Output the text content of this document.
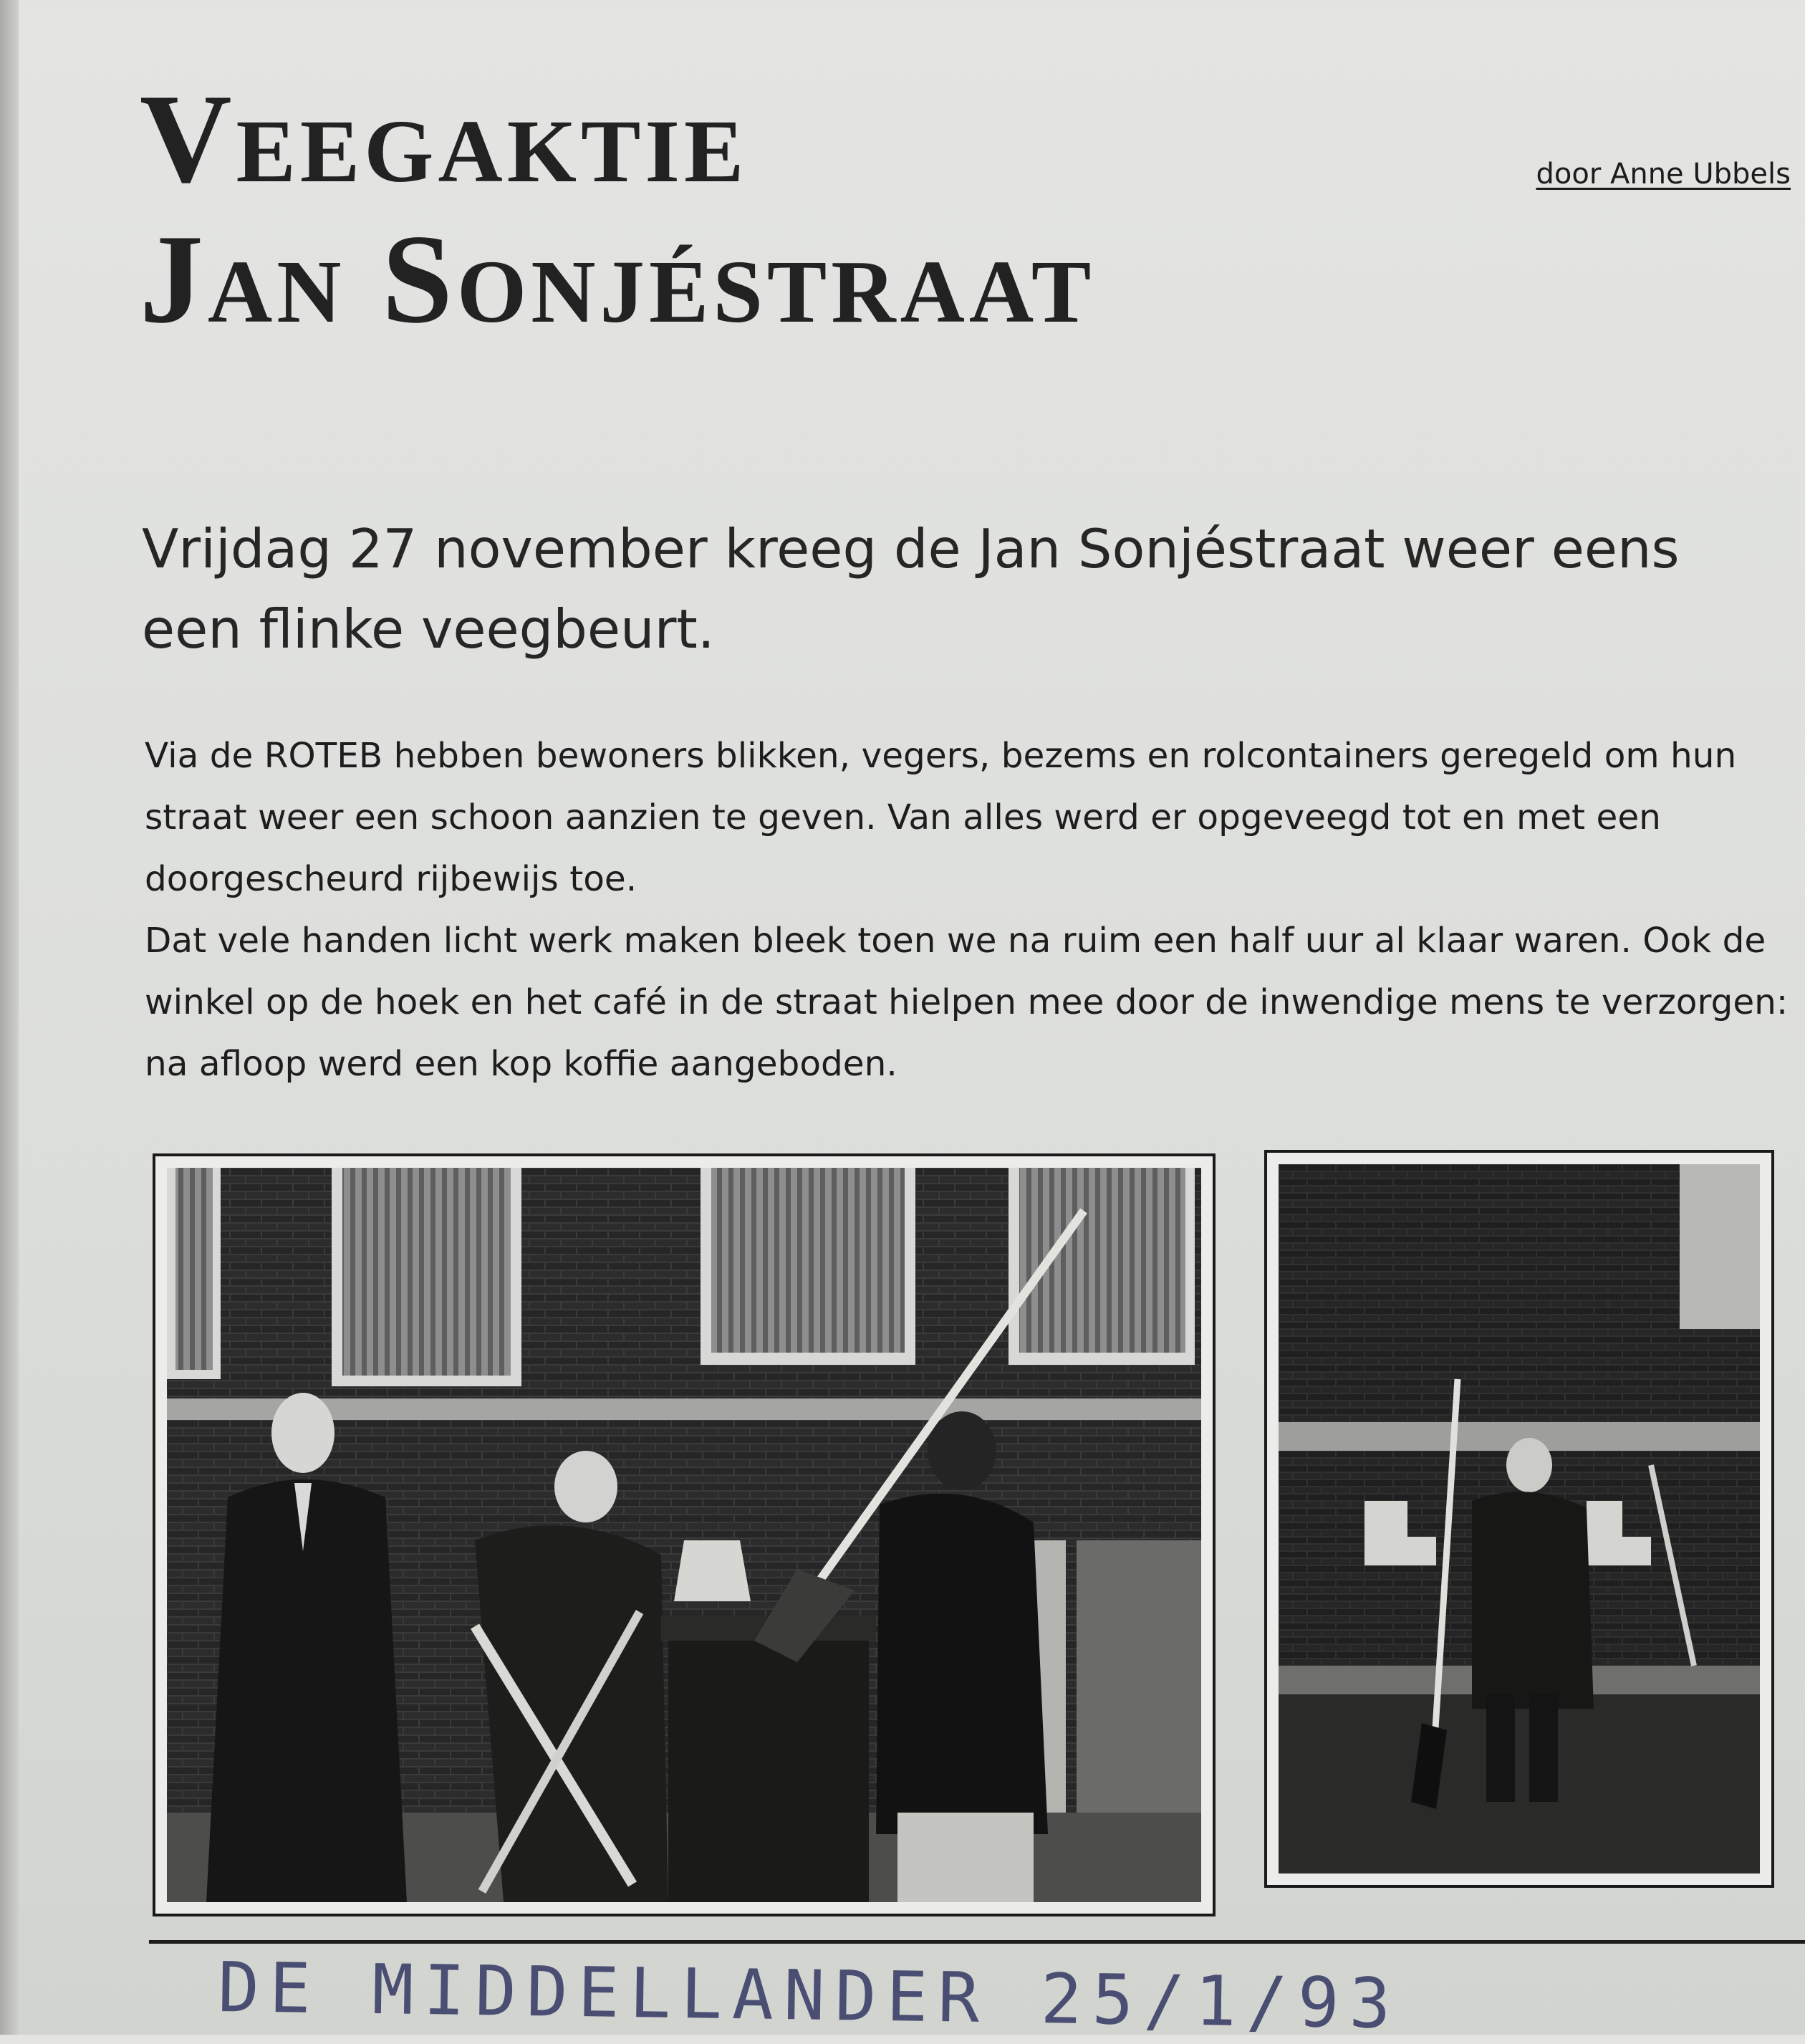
Veegaktie
Jan Sonjéstraat
door Anne Ubbels

Vrijdag 27 november kreeg de Jan Sonjéstraat weer eens een flinke veegbeurt.

Via de ROTEB hebben bewoners blikken, vegers, bezems en rolcontainers geregeld om hun straat weer een schoon aanzien te geven. Van alles werd er opgeveegd tot en met een doorgescheurd rijbewijs toe.

Dat vele handen licht werk maken bleek toen we na ruim een half uur al klaar waren. Ook de winkel op de hoek en het café in de straat hielpen mee door de inwendige mens te verzorgen: na afloop werd een kop koffie aangeboden.

DE MIDDELLANDER 25/1/93
